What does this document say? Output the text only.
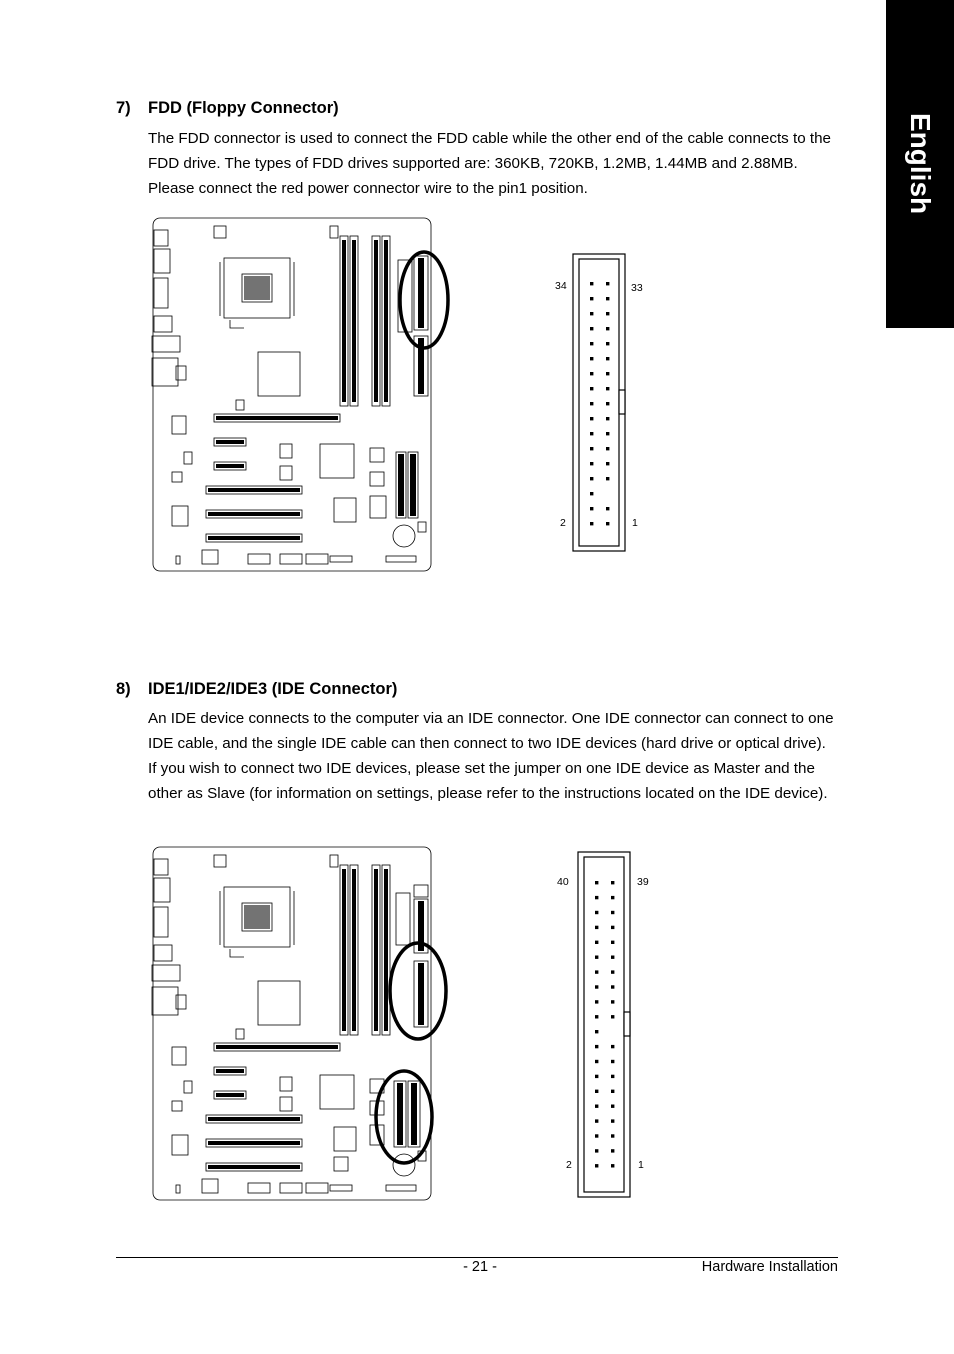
English
7) FDD (Floppy Connector)

The FDD connector is used to connect the FDD cable while the other end of the cable connects to the

FDD drive. The types of FDD drives supported are: 360KB, 720KB, 1.2MB, 1.44MB and 2.88MB.

Please connect the red power connector wire to the pin1 position.

34	33
2	1
8) IDE1/IDE2/IDE3 (IDE Connector)

An IDE device connects to the computer via an IDE connector. One IDE connector can connect to one

IDE cable, and the single IDE cable can then connect to two IDE devices (hard drive or optical drive).

If you wish to connect two IDE devices, please set the jumper on one IDE device as Master and the

other as Slave (for information on settings, please refer to the instructions located on the IDE device).

40	39
2	1
- 21 -	Hardware Installation
